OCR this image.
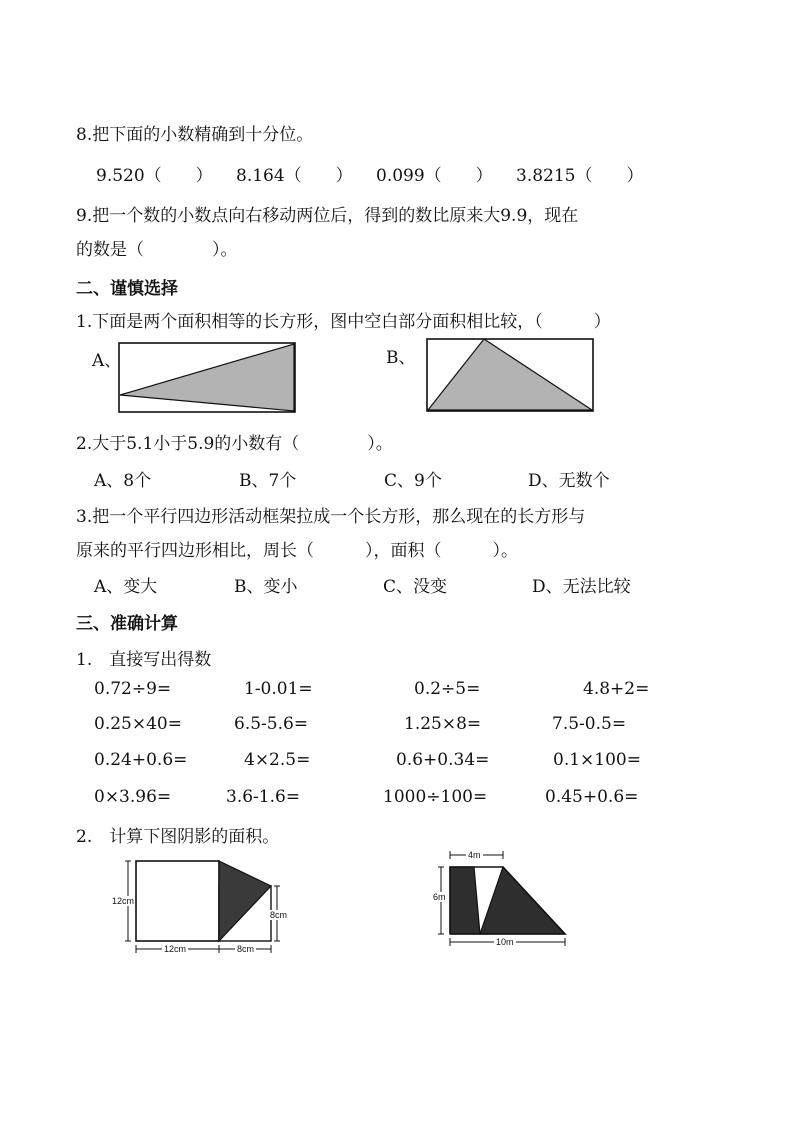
8.把下面的小数精确到十分位。
9.520（　　） 8.164（　　） 0.099（　　） 3.8215（　　）
9.把一个数的小数点向右移动两位后，得到的数比原来大9.9，现在
的数是（　　　　）。
二、谨慎选择
1.下面是两个面积相等的长方形，图中空白部分面积相比较，（　　　）
A、	B、
2.大于5.1小于5.9的小数有（　　　　）。
A、8个	B、7个	C、9个	D、无数个
3.把一个平行四边形活动框架拉成一个长方形，那么现在的长方形与
原来的平行四边形相比，周长（　　　），面积（　　　）。
A、变大	B、变小	C、没变	D、无法比较
三、准确计算
1.　直接写出得数
0.72÷9=	1-0.01=	0.2÷5=	4.8+2=
0.25×40=	6.5-5.6=	1.25×8=	7.5-0.5=
0.24+0.6=	4×2.5=	0.6+0.34=	0.1×100=
0×3.96=	3.6-1.6=	1000÷100=	0.45+0.6=
2.　计算下图阴影的面积。
12cm
12cm	8cm
8cm
4m
6m
10m
